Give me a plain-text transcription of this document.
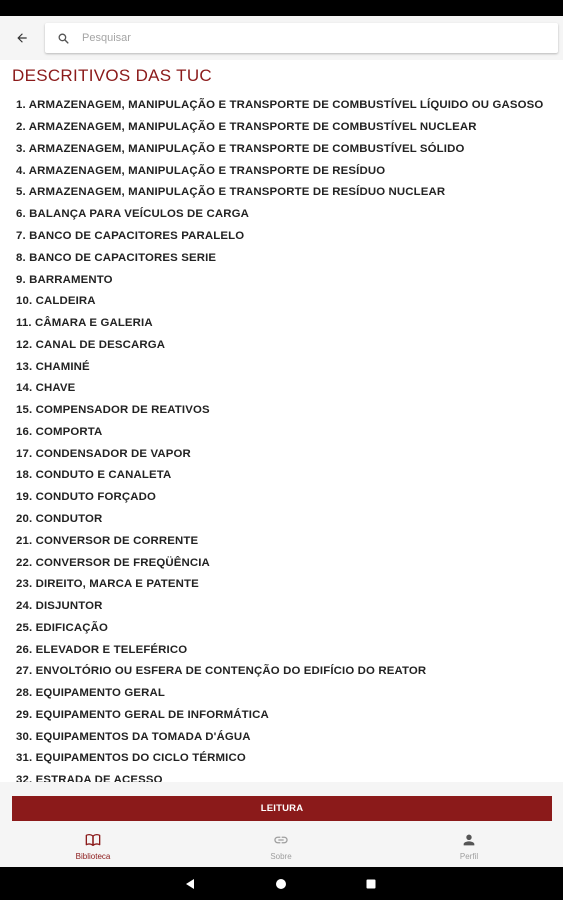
Pesquisar
DESCRITIVOS DAS TUC
1. ARMAZENAGEM, MANIPULAÇÃO E TRANSPORTE DE COMBUSTÍVEL LÍQUIDO OU GASOSO
2. ARMAZENAGEM, MANIPULAÇÃO E TRANSPORTE DE COMBUSTÍVEL NUCLEAR
3. ARMAZENAGEM, MANIPULAÇÃO E TRANSPORTE DE COMBUSTÍVEL SÓLIDO
4. ARMAZENAGEM, MANIPULAÇÃO E TRANSPORTE DE RESÍDUO
5. ARMAZENAGEM, MANIPULAÇÃO E TRANSPORTE DE RESÍDUO NUCLEAR
6. BALANÇA PARA VEÍCULOS DE CARGA
7. BANCO DE CAPACITORES PARALELO
8. BANCO DE CAPACITORES SERIE
9. BARRAMENTO
10. CALDEIRA
11. CÂMARA E GALERIA
12. CANAL DE DESCARGA
13. CHAMINÉ
14. CHAVE
15. COMPENSADOR DE REATIVOS
16. COMPORTA
17. CONDENSADOR DE VAPOR
18. CONDUTO E CANALETA
19. CONDUTO FORÇADO
20. CONDUTOR
21. CONVERSOR DE CORRENTE
22. CONVERSOR DE FREQÜÊNCIA
23. DIREITO, MARCA E PATENTE
24. DISJUNTOR
25. EDIFICAÇÃO
26. ELEVADOR E TELEFÉRICO
27. ENVOLTÓRIO OU ESFERA DE CONTENÇÃO DO EDIFÍCIO DO REATOR
28. EQUIPAMENTO GERAL
29. EQUIPAMENTO GERAL DE INFORMÁTICA
30. EQUIPAMENTOS DA TOMADA D'ÁGUA
31. EQUIPAMENTOS DO CICLO TÉRMICO
32. ESTRADA DE ACESSO
LEITURA
Biblioteca	Sobre	Perfil
